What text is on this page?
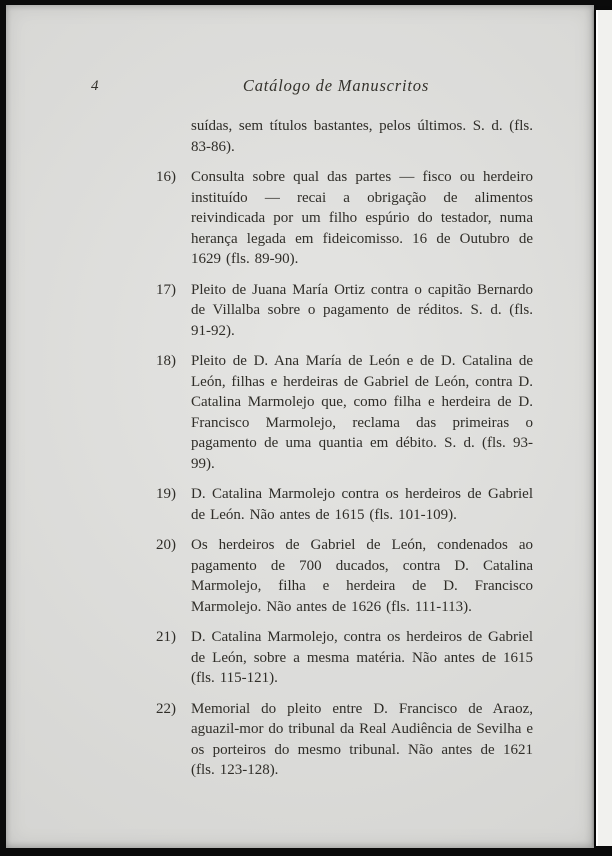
4	Catálogo de Manuscritos

suídas, sem títulos bastantes, pelos últimos. S. d. (fls. 83-86).

16)	Consulta sobre qual das partes — fisco ou herdeiro instituído — recai a obrigação de alimentos reivindicada por um filho espúrio do testador, numa herança legada em fideicomisso. 16 de Outubro de 1629 (fls. 89-90).

17)	Pleito de Juana María Ortiz contra o capitão Bernardo de Villalba sobre o pagamento de réditos. S. d. (fls. 91-92).

18)	Pleito de D. Ana María de León e de D. Catalina de León, filhas e herdeiras de Gabriel de León, contra D. Catalina Marmolejo que, como filha e herdeira de D. Francisco Marmolejo, reclama das primeiras o pagamento de uma quantia em débito. S. d. (fls. 93-99).

19)	D. Catalina Marmolejo contra os herdeiros de Gabriel de León. Não antes de 1615 (fls. 101-109).

20)	Os herdeiros de Gabriel de León, condenados ao pagamento de 700 ducados, contra D. Catalina Marmolejo, filha e herdeira de D. Francisco Marmolejo. Não antes de 1626 (fls. 111-113).

21)	D. Catalina Marmolejo, contra os herdeiros de Gabriel de León, sobre a mesma matéria. Não antes de 1615 (fls. 115-121).

22)	Memorial do pleito entre D. Francisco de Araoz, aguazil-mor do tribunal da Real Audiência de Sevilha e os porteiros do mesmo tribunal. Não antes de 1621 (fls. 123-128).
